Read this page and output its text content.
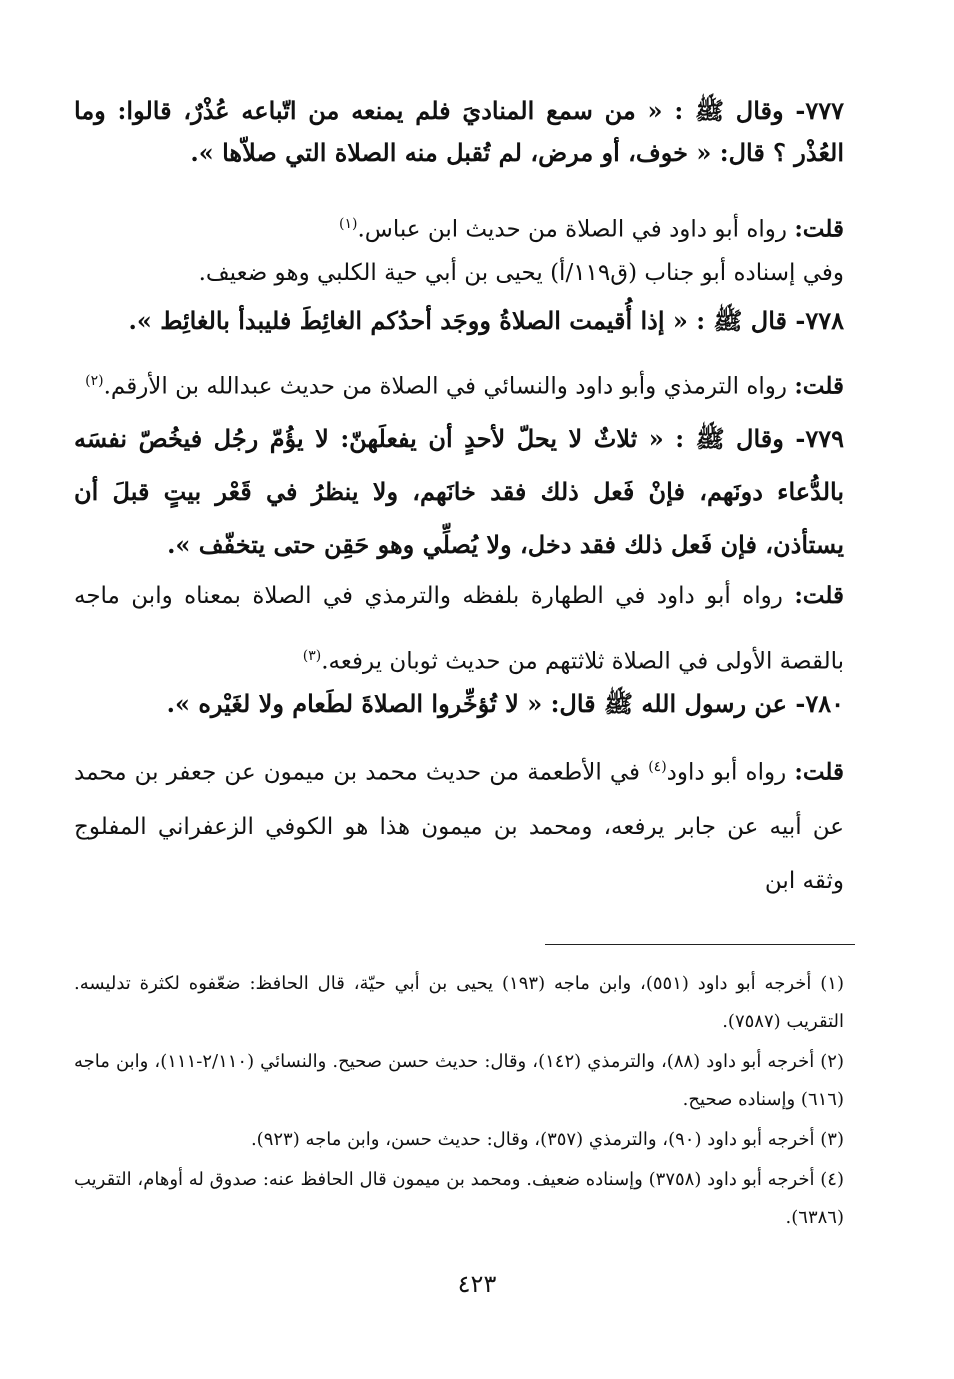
٧٧٧- وقال ﷺ : « من سمع المناديَ فلم يمنعه من اتّباعه عُذْرٌ، قالوا: وما العُذْر ؟ قال: « خوف، أو مرض، لم تُقبل منه الصلاة التي صلاّها ».

قلت: رواه أبو داود في الصلاة من حديث ابن عباس.$^{(١)}$

وفي إسناده أبو جناب (ق١١٩/أ) يحيى بن أبي حية الكلبي وهو ضعيف.

٧٧٨- قال ﷺ : « إذا أُقيمت الصلاةُ ووجَد أحدُكم الغائِطَ فليبدأ بالغائِط ».

قلت: رواه الترمذي وأبو داود والنسائي في الصلاة من حديث عبدالله بن الأرقم.$^{(٢)}$

٧٧٩- وقال ﷺ : « ثلاثٌ لا يحلّ لأحدٍ أن يفعلَهنّ: لا يؤُمّ رجُل فيخُصّ نفسَه بالدُّعاء دونَهم، فإنْ فَعل ذلك فقد خانَهم، ولا ينظرُ في قَعْر بيتٍ قبلَ أن يستأذن، فإن فَعل ذلك فقد دخل، ولا يُصلِّي وهو حَقِن حتى يتخفّف ».

قلت: رواه أبو داود في الطهارة بلفظه والترمذي في الصلاة بمعناه وابن ماجه بالقصة الأولى في الصلاة ثلاثتهم من حديث ثوبان يرفعه.$^{(٣)}$

٧٨٠- عن رسول الله ﷺ قال: « لا تُؤخِّروا الصلاةَ لطَعام ولا لغَيْره ».

قلت: رواه أبو داود$^{(٤)}$ في الأطعمة من حديث محمد بن ميمون عن جعفر بن محمد عن أبيه عن جابر يرفعه، ومحمد بن ميمون هذا هو الكوفي الزعفراني المفلوج وثقه ابن

(١) أخرجه أبو داود (٥٥١)، وابن ماجه (١٩٣) يحيى بن أبي حيّة، قال الحافظ: ضعّفوه لكثرة تدليسه. التقريب (٧٥٨٧).

(٢) أخرجه أبو داود (٨٨)، والترمذي (١٤٢)، وقال: حديث حسن صحيح. والنسائي (٢/١١٠-١١١)، وابن ماجه (٦١٦) وإسناده صحيح.

(٣) أخرجه أبو داود (٩٠)، والترمذي (٣٥٧)، وقال: حديث حسن، وابن ماجه (٩٢٣).

(٤) أخرجه أبو داود (٣٧٥٨) وإسناده ضعيف. ومحمد بن ميمون قال الحافظ عنه: صدوق له أوهام، التقريب (٦٣٨٦).

٤٢٣
